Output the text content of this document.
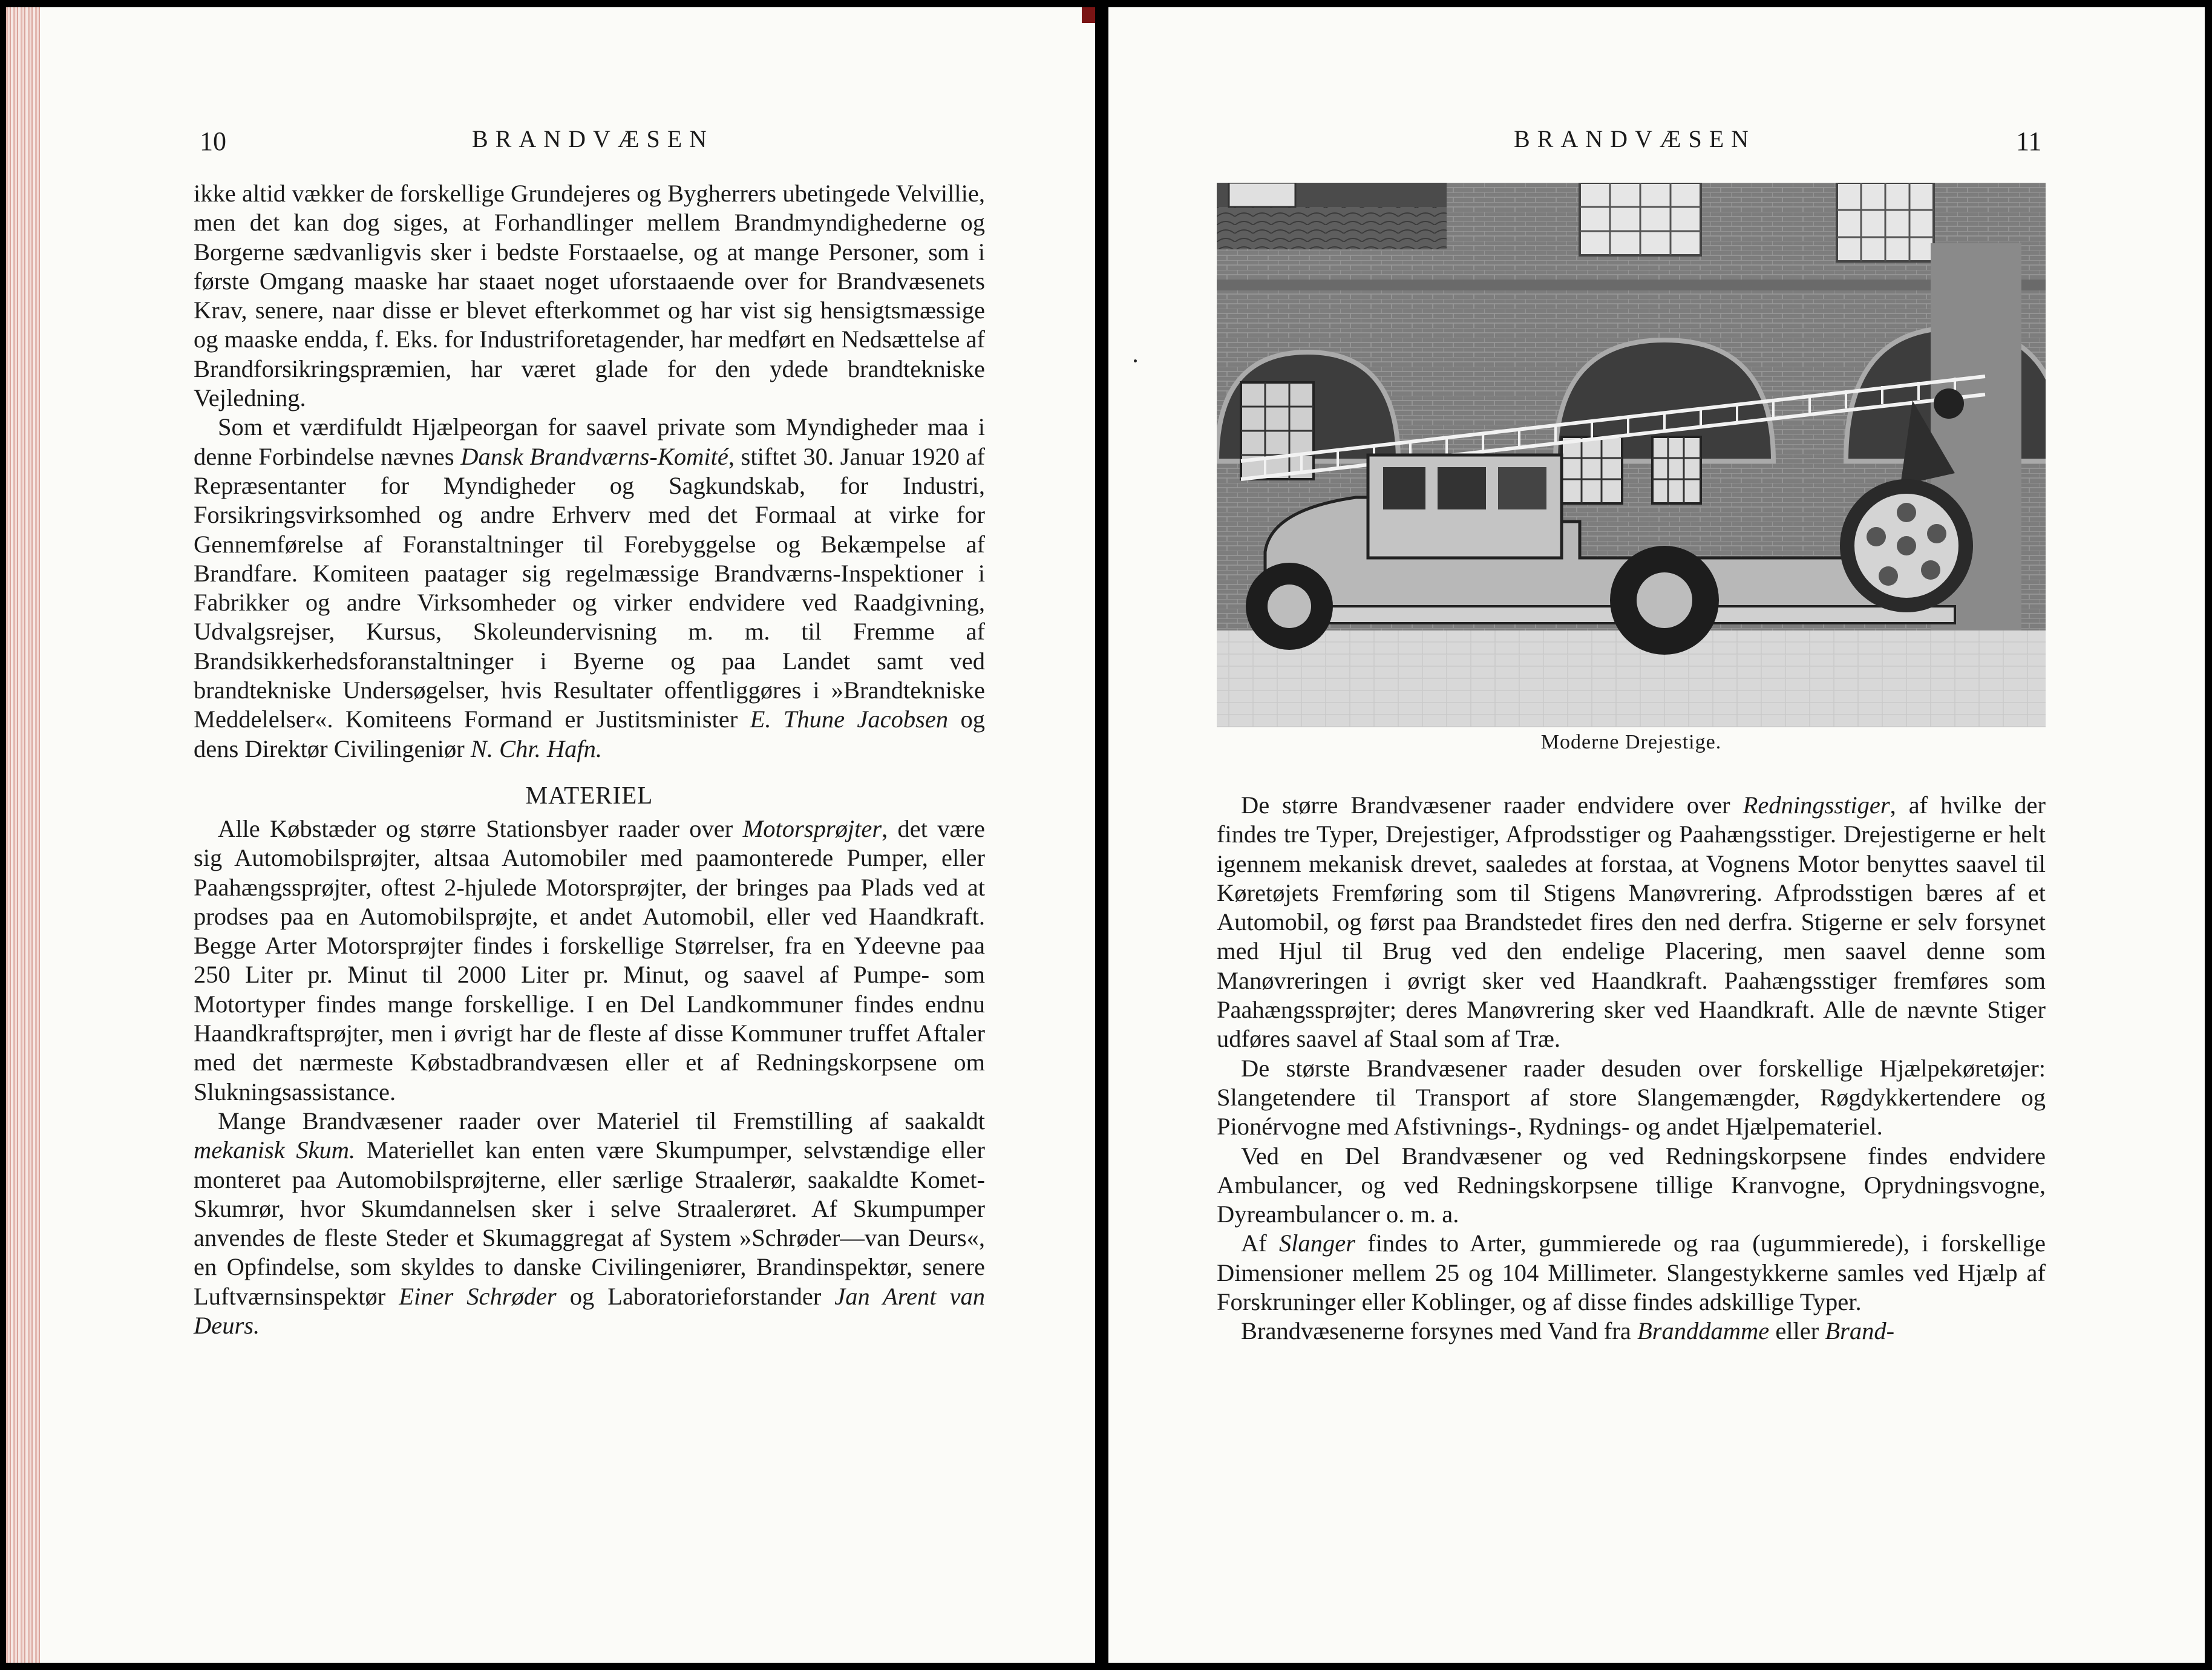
10	BRANDVÆSEN

ikke altid vækker de forskellige Grundejeres og Bygherrers ubetingede Velvillie, men det kan dog siges, at Forhandlinger mellem Brandmyndighederne og Borgerne sædvanligvis sker i bedste Forstaaelse, og at mange Personer, som i første Omgang maaske har staaet noget uforstaaende over for Brandvæsenets Krav, senere, naar disse er blevet efterkommet og har vist sig hensigtsmæssige og maaske endda, f. Eks. for Industriforetagender, har medført en Nedsættelse af Brandforsikringspræmien, har været glade for den ydede brandtekniske Vejledning.

Som et værdifuldt Hjælpeorgan for saavel private som Myndigheder maa i denne Forbindelse nævnes Dansk Brandværns-Komité, stiftet 30. Januar 1920 af Repræsentanter for Myndigheder og Sagkundskab, for Industri, Forsikringsvirksomhed og andre Erhverv med det Formaal at virke for Gennemførelse af Foranstaltninger til Forebyggelse og Bekæmpelse af Brandfare. Komiteen paatager sig regelmæssige Brandværns-Inspektioner i Fabrikker og andre Virksomheder og virker endvidere ved Raadgivning, Udvalgsrejser, Kursus, Skoleundervisning m. m. til Fremme af Brandsikkerhedsforanstaltninger i Byerne og paa Landet samt ved brandtekniske Undersøgelser, hvis Resultater offentliggøres i »Brandtekniske Meddelelser«. Komiteens Formand er Justitsminister E. Thune Jacobsen og dens Direktør Civilingeniør N. Chr. Hafn.

MATERIEL

Alle Købstæder og større Stationsbyer raader over Motorsprøjter, det være sig Automobilsprøjter, altsaa Automobiler med paamonterede Pumper, eller Paahængssprøjter, oftest 2-hjulede Motorsprøjter, der bringes paa Plads ved at prodses paa en Automobilsprøjte, et andet Automobil, eller ved Haandkraft. Begge Arter Motorsprøjter findes i forskellige Størrelser, fra en Ydeevne paa 250 Liter pr. Minut til 2000 Liter pr. Minut, og saavel af Pumpe- som Motortyper findes mange forskellige. I en Del Landkommuner findes endnu Haandkraftsprøjter, men i øvrigt har de fleste af disse Kommuner truffet Aftaler med det nærmeste Købstadbrandvæsen eller et af Redningskorpsene om Slukningsassistance.

Mange Brandvæsener raader over Materiel til Fremstilling af saakaldt mekanisk Skum. Materiellet kan enten være Skumpumper, selvstændige eller monteret paa Automobilsprøjterne, eller særlige Straalerør, saakaldte Komet-Skumrør, hvor Skumdannelsen sker i selve Straalerøret. Af Skumpumper anvendes de fleste Steder et Skumaggregat af System »Schrøder—van Deurs«, en Opfindelse, som skyldes to danske Civilingeniører, Brandinspektør, senere Luftværnsinspektør Einer Schrøder og Laboratorieforstander Jan Arent van Deurs.

BRANDVÆSEN	11
Moderne Drejestige.

De større Brandvæsener raader endvidere over Redningsstiger, af hvilke der findes tre Typer, Drejestiger, Afprodsstiger og Paahængsstiger. Drejestigerne er helt igennem mekanisk drevet, saaledes at forstaa, at Vognens Motor benyttes saavel til Køretøjets Fremføring som til Stigens Manøvrering. Afprodsstigen bæres af et Automobil, og først paa Brandstedet fires den ned derfra. Stigerne er selv forsynet med Hjul til Brug ved den endelige Placering, men saavel denne som Manøvreringen i øvrigt sker ved Haandkraft. Paahængsstiger fremføres som Paahængssprøjter; deres Manøvrering sker ved Haandkraft. Alle de nævnte Stiger udføres saavel af Staal som af Træ.

De største Brandvæsener raader desuden over forskellige Hjælpekøretøjer: Slangetendere til Transport af store Slangemængder, Røgdykkertendere og Pionérvogne med Afstivnings-, Rydnings- og andet Hjælpemateriel.

Ved en Del Brandvæsener og ved Redningskorpsene findes endvidere Ambulancer, og ved Redningskorpsene tillige Kranvogne, Oprydningsvogne, Dyreambulancer o. m. a.

Af Slanger findes to Arter, gummierede og raa (ugummierede), i forskellige Dimensioner mellem 25 og 104 Millimeter. Slangestykkerne samles ved Hjælp af Forskruninger eller Koblinger, og af disse findes adskillige Typer.

Brandvæsenerne forsynes med Vand fra Branddamme eller Brand-
